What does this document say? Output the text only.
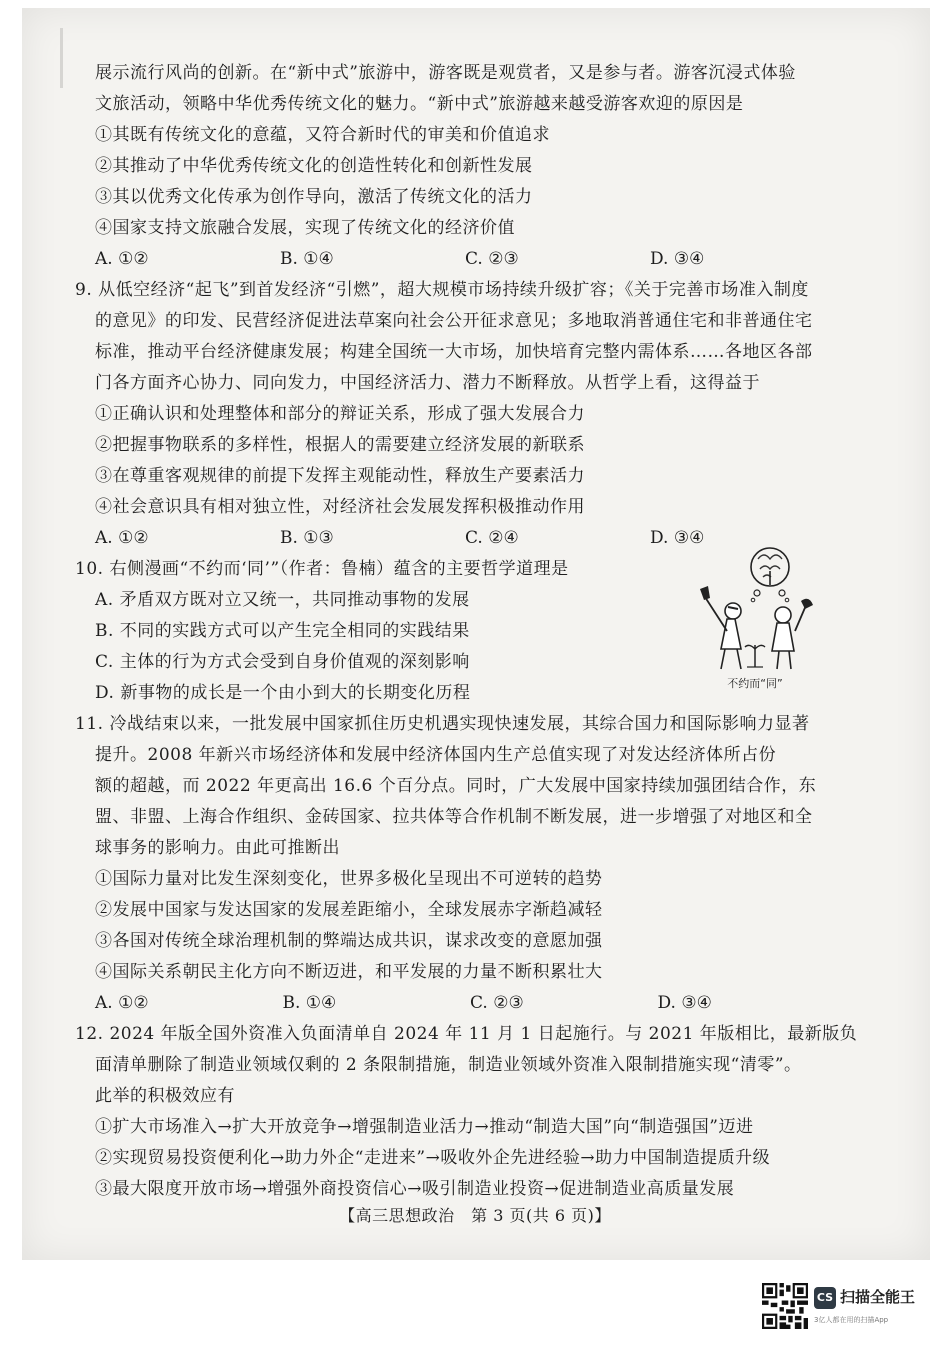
展示流行风尚的创新。在“新中式”旅游中，游客既是观赏者，又是参与者。游客沉浸式体验
文旅活动，领略中华优秀传统文化的魅力。“新中式”旅游越来越受游客欢迎的原因是
①其既有传统文化的意蕴，又符合新时代的审美和价值追求
②其推动了中华优秀传统文化的创造性转化和创新性发展
③其以优秀文化传承为创作导向，激活了传统文化的活力
④国家支持文旅融合发展，实现了传统文化的经济价值
A. ①②	B. ①④	C. ②③	D. ③④
9. 从低空经济“起飞”到首发经济“引燃”，超大规模市场持续升级扩容；《关于完善市场准入制度
的意见》的印发、民营经济促进法草案向社会公开征求意见；多地取消普通住宅和非普通住宅
标准，推动平台经济健康发展；构建全国统一大市场，加快培育完整内需体系……各地区各部
门各方面齐心协力、同向发力，中国经济活力、潜力不断释放。从哲学上看，这得益于
①正确认识和处理整体和部分的辩证关系，形成了强大发展合力
②把握事物联系的多样性，根据人的需要建立经济发展的新联系
③在尊重客观规律的前提下发挥主观能动性，释放生产要素活力
④社会意识具有相对独立性，对经济社会发展发挥积极推动作用
A. ①②	B. ①③	C. ②④	D. ③④
10. 右侧漫画“不约而‘同’”（作者：鲁楠）蕴含的主要哲学道理是
A. 矛盾双方既对立又统一，共同推动事物的发展
B. 不同的实践方式可以产生完全相同的实践结果
C. 主体的行为方式会受到自身价值观的深刻影响
D. 新事物的成长是一个由小到大的长期变化历程
11. 冷战结束以来，一批发展中国家抓住历史机遇实现快速发展，其综合国力和国际影响力显著
提升。2008 年新兴市场经济体和发展中经济体国内生产总值实现了对发达经济体所占份
额的超越，而 2022 年更高出 16.6 个百分点。同时，广大发展中国家持续加强团结合作，东
盟、非盟、上海合作组织、金砖国家、拉共体等合作机制不断发展，进一步增强了对地区和全
球事务的影响力。由此可推断出
①国际力量对比发生深刻变化，世界多极化呈现出不可逆转的趋势
②发展中国家与发达国家的发展差距缩小，全球发展赤字渐趋减轻
③各国对传统全球治理机制的弊端达成共识，谋求改变的意愿加强
④国际关系朝民主化方向不断迈进，和平发展的力量不断积累壮大
A. ①②	B. ①④	C. ②③	D. ③④
12. 2024 年版全国外资准入负面清单自 2024 年 11 月 1 日起施行。与 2021 年版相比，最新版负
面清单删除了制造业领域仅剩的 2 条限制措施，制造业领域外资准入限制措施实现“清零”。
此举的积极效应有
①扩大市场准入→扩大开放竞争→增强制造业活力→推动“制造大国”向“制造强国”迈进
②实现贸易投资便利化→助力外企“走进来”→吸收外企先进经验→助力中国制造提质升级
③最大限度开放市场→增强外商投资信心→吸引制造业投资→促进制造业高质量发展
不约而“同”
【高三思想政治　第 3 页(共 6 页)】
CS 扫描全能王
3亿人都在用的扫描App
